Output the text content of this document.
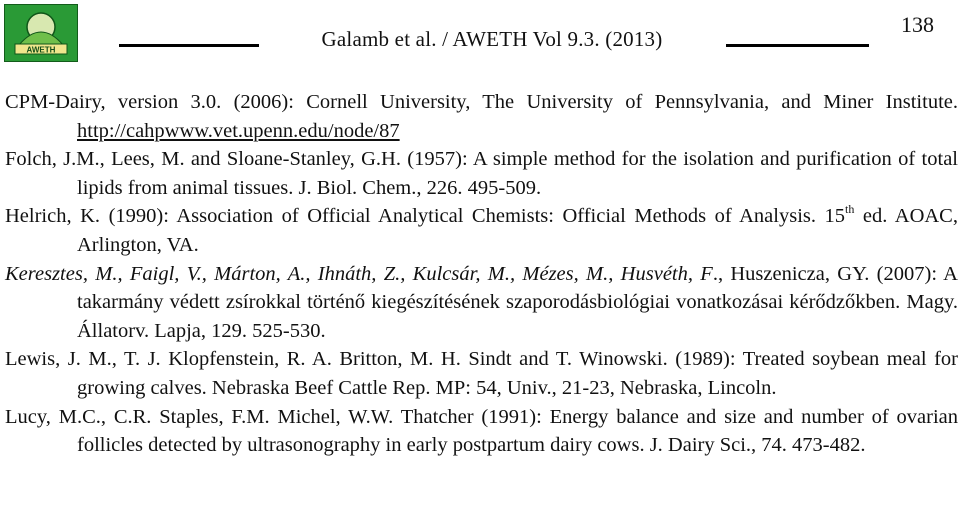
AWETH	Galamb et al. / AWETH Vol 9.3. (2013)
138

CPM-Dairy, version 3.0. (2006): Cornell University, The University of Pennsylvania, and Miner Institute. http://cahpwww.vet.upenn.edu/node/87

Folch, J.M., Lees, M. and Sloane-Stanley, G.H. (1957): A simple method for the isolation and purification of total lipids from animal tissues. J. Biol. Chem., 226. 495-509.

Helrich, K. (1990): Association of Official Analytical Chemists: Official Methods of Analysis. 15th ed. AOAC, Arlington, VA.

Keresztes, M., Faigl, V., Márton, A., Ihnáth, Z., Kulcsár, M., Mézes, M., Husvéth, F., Huszenicza, GY. (2007): A takarmány védett zsírokkal történő kiegészítésének szaporodásbiológiai vonatkozásai kérődzőkben. Magy. Állatorv. Lapja, 129. 525-530.

Lewis, J. M., T. J. Klopfenstein, R. A. Britton, M. H. Sindt and T. Winowski. (1989): Treated soybean meal for growing calves. Nebraska Beef Cattle Rep. MP: 54, Univ., 21-23, Nebraska, Lincoln.

Lucy, M.C., C.R. Staples, F.M. Michel, W.W. Thatcher (1991): Energy balance and size and number of ovarian follicles detected by ultrasonography in early postpartum dairy cows. J. Dairy Sci., 74. 473-482.
